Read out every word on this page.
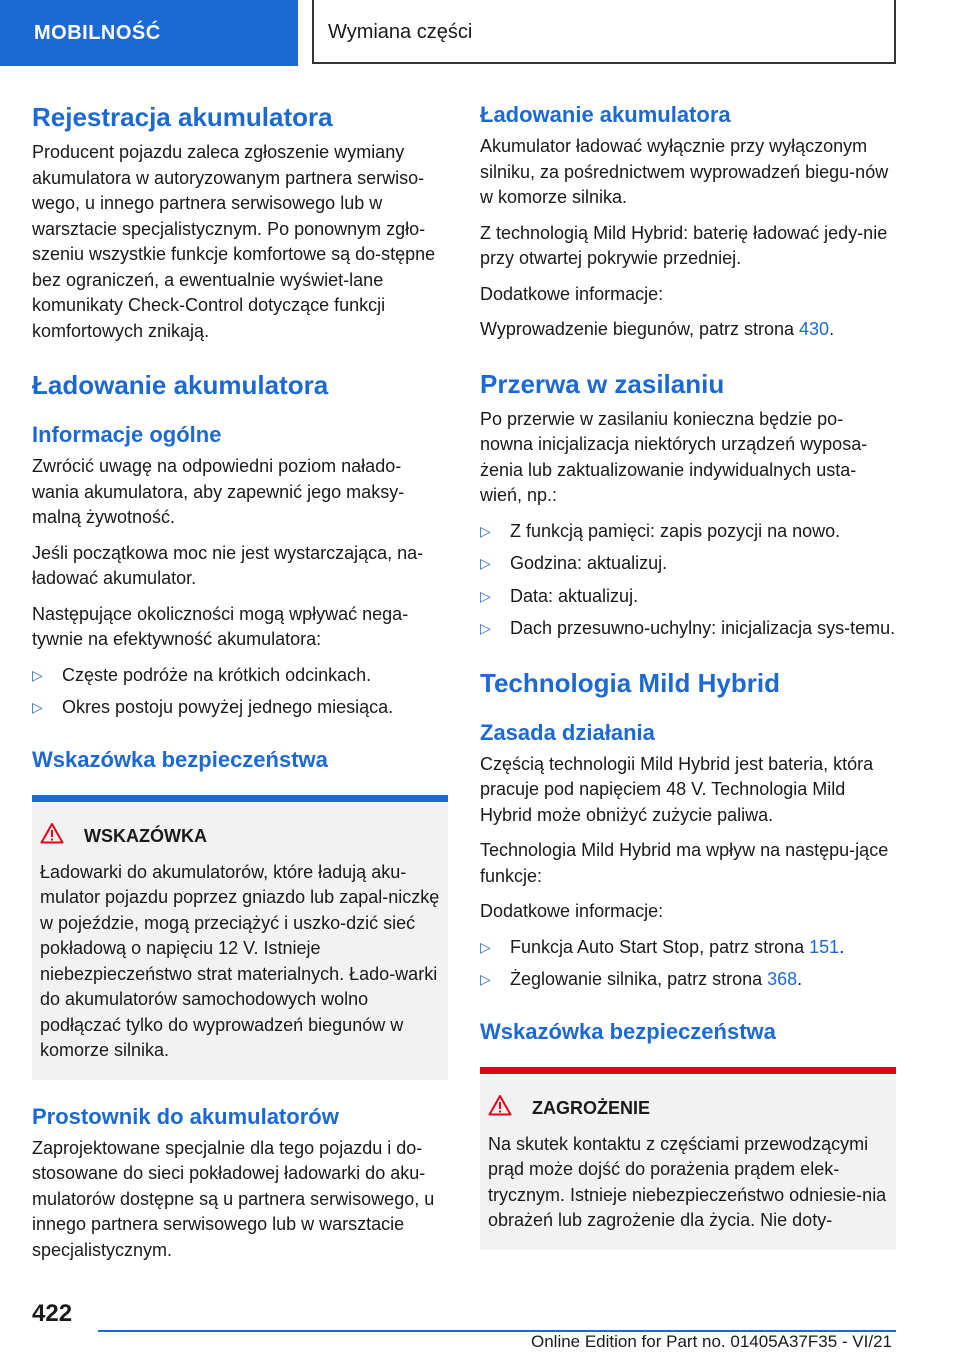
MOBILNOŚĆ	Wymiana części
Rejestracja akumulatora

Producent pojazdu zaleca zgłoszenie wymiany akumulatora w autoryzowanym partnera serwiso-wego, u innego partnera serwisowego lub w warsztacie specjalistycznym. Po ponownym zgło-szeniu wszystkie funkcje komfortowe są do-stępne bez ograniczeń, a ewentualnie wyświet-lane komunikaty Check-Control dotyczące funkcji komfortowych znikają.

Ładowanie akumulatora
Informacje ogólne

Zwrócić uwagę na odpowiedni poziom nałado-wania akumulatora, aby zapewnić jego maksy-malną żywotność.

Jeśli początkowa moc nie jest wystarczająca, na-ładować akumulator.

Następujące okoliczności mogą wpływać nega-tywnie na efektywność akumulatora:

▷ Częste podróże na krótkich odcinkach.
▷ Okres postoju powyżej jednego miesiąca.
Wskazówka bezpieczeństwa
WSKAZÓWKA

Ładowarki do akumulatorów, które ładują aku-mulator pojazdu poprzez gniazdo lub zapal-niczkę w pojeździe, mogą przeciążyć i uszko-dzić sieć pokładową o napięciu 12 V. Istnieje niebezpieczeństwo strat materialnych. Łado-warki do akumulatorów samochodowych wolno podłączać tylko do wyprowadzeń biegunów w komorze silnika.

Prostownik do akumulatorów

Zaprojektowane specjalnie dla tego pojazdu i do-stosowane do sieci pokładowej ładowarki do aku-mulatorów dostępne są u partnera serwisowego, u innego partnera serwisowego lub w warsztacie specjalistycznym.

Ładowanie akumulatora

Akumulator ładować wyłącznie przy wyłączonym silniku, za pośrednictwem wyprowadzeń biegu-nów w komorze silnika.

Z technologią Mild Hybrid: baterię ładować jedy-nie przy otwartej pokrywie przedniej.

Dodatkowe informacje:

Wyprowadzenie biegunów, patrz strona 430.

Przerwa w zasilaniu

Po przerwie w zasilaniu konieczna będzie po-nowna inicjalizacja niektórych urządzeń wyposa-żenia lub zaktualizowanie indywidualnych usta-wień, np.:

▷ Z funkcją pamięci: zapis pozycji na nowo.
▷ Godzina: aktualizuj.
▷ Data: aktualizuj.
▷ Dach przesuwno-uchylny: inicjalizacja sys-temu.
Technologia Mild Hybrid
Zasada działania

Częścią technologii Mild Hybrid jest bateria, która pracuje pod napięciem 48 V. Technologia Mild Hybrid może obniżyć zużycie paliwa.

Technologia Mild Hybrid ma wpływ na następu-jące funkcje:

Dodatkowe informacje:

▷ Funkcja Auto Start Stop, patrz strona 151.
▷ Żeglowanie silnika, patrz strona 368.
Wskazówka bezpieczeństwa
ZAGROŻENIE

Na skutek kontaktu z częściami przewodzącymi prąd może dojść do porażenia prądem elek-trycznym. Istnieje niebezpieczeństwo odniesie-nia obrażeń lub zagrożenie dla życia. Nie doty-

422
Online Edition for Part no. 01405A37F35 - VI/21
